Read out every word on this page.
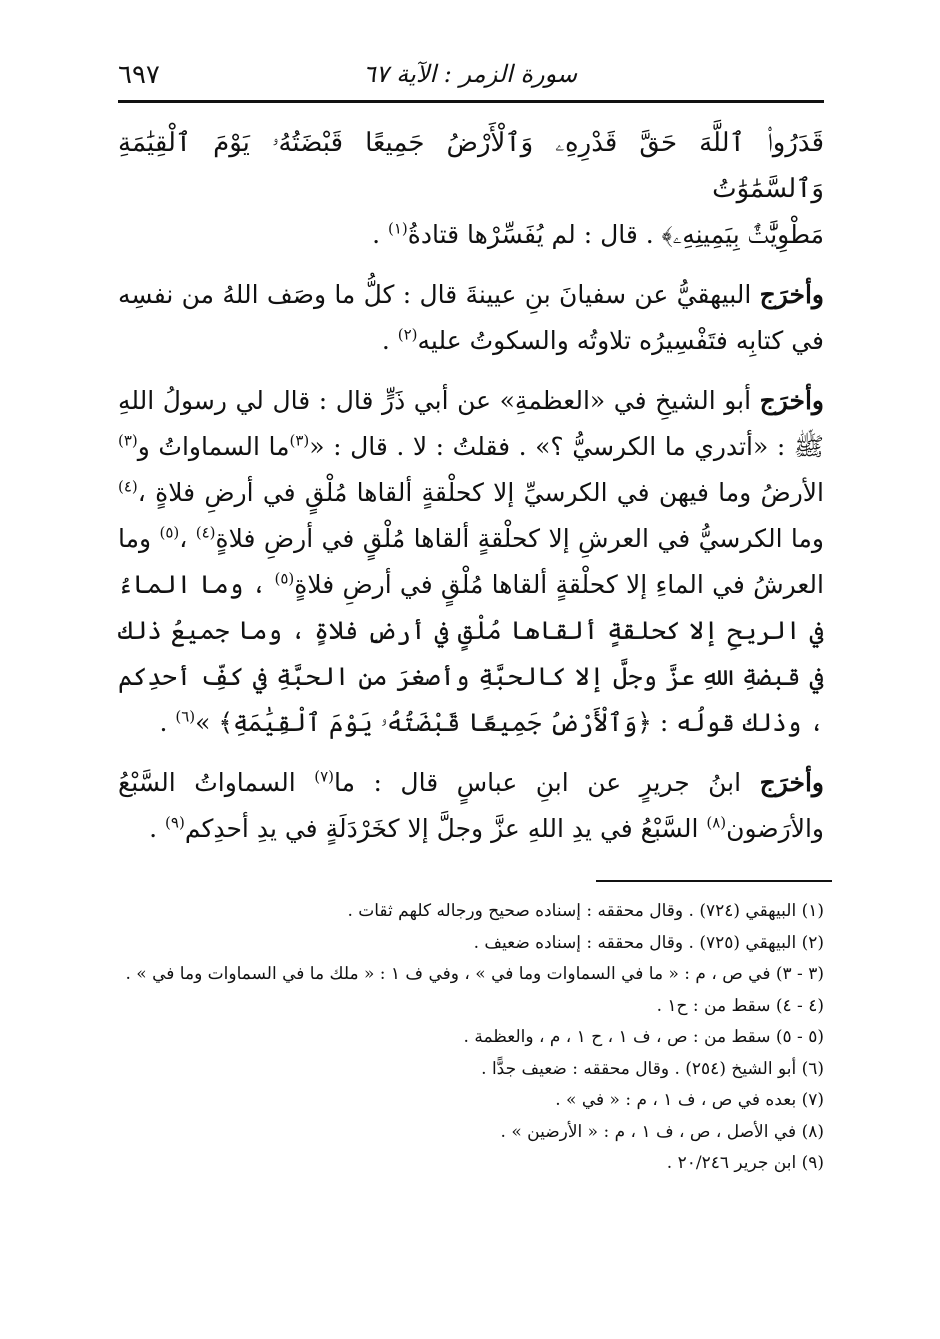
٦٩٧	سورة الزمر : الآية ٦٧

قَدَرُوا۟ ٱللَّهَ حَقَّ قَدْرِهِۦ وَٱلْأَرْضُ جَمِيعًا قَبْضَتُهُۥ يَوْمَ ٱلْقِيَٰمَةِ وَٱلسَّمَٰوَٰتُ

مَطْوِيَّٰتٌۢ بِيَمِينِهِۦ﴾ . قال : لم يُفَسِّرْها قتادةُ$^{(١)}$ .

وأخرَج البيهقيُّ عن سفيانَ بنِ عيينةَ قال : كلُّ ما وصَف اللهُ من نفسِه في كتابِه فتَفْسِيرُه تلاوتُه والسكوتُ عليه$^{(٢)}$ .

وأخرَج أبو الشيخِ في «العظمةِ» عن أبي ذَرٍّ قال : قال لي رسولُ اللهِ ﷺ : «أتدري ما الكرسيُّ ؟» . فقلتُ : لا . قال : «$^{(٣)}$ما السماواتُ و$^{(٣)}$ الأرضُ وما فيهن في الكرسيِّ إلا كحلْقةٍ ألقاها مُلْقٍ في أرضِ فلاةٍ ،$^{(٤)}$ وما الكرسيُّ في العرشِ إلا كحلْقةٍ ألقاها مُلْقٍ في أرضِ فلاةٍ$^{(٤)}$ ،$^{(٥)}$ وما العرشُ في الماءِ إلا كحلْقةٍ ألقاها مُلْقٍ في أرضِ فلاةٍ$^{(٥)}$ ، وما الماءُ في الريحِ إلا كحلقةٍ ألقاها مُلْقٍ في أرضِ فلاةٍ ، وما جميعُ ذلك في قبضةِ اللهِ عزَّ وجلَّ إلا كالحبَّةِ وأصغرَ من الحبَّةِ في كفِّ أحدِكم ، وذلك قولُه : ﴿وَٱلْأَرْضُ جَمِيعًا قَبْضَتُهُۥ يَوْمَ ٱلْقِيَٰمَةِ﴾ »$^{(٦)}$ .

وأخرَج ابنُ جريرٍ عن ابنِ عباسٍ قال : ما$^{(٧)}$ السماواتُ السَّبْعُ والأرَضون$^{(٨)}$ السَّبْعُ في يدِ اللهِ عزَّ وجلَّ إلا كخَرْدَلَةٍ في يدِ أحدِكم$^{(٩)}$ .

(١) البيهقي (٧٢٤) . وقال محققه : إسناده صحيح ورجاله كلهم ثقات .

(٢) البيهقي (٧٢٥) . وقال محققه : إسناده ضعيف .

(٣ - ٣) في ص ، م : « ما في السماوات وما في » ، وفي ف ١ : « ملك ما في السماوات وما في » .

(٤ - ٤) سقط من : ح١ .

(٥ - ٥) سقط من : ص ، ف ١ ، ح ١ ، م ، والعظمة .

(٦) أبو الشيخ (٢٥٤) . وقال محققه : ضعيف جدًّا .

(٧) بعده في ص ، ف ١ ، م : « في » .

(٨) في الأصل ، ص ، ف ١ ، م : « الأرضين » .

(٩) ابن جرير ٢٠/٢٤٦ .
